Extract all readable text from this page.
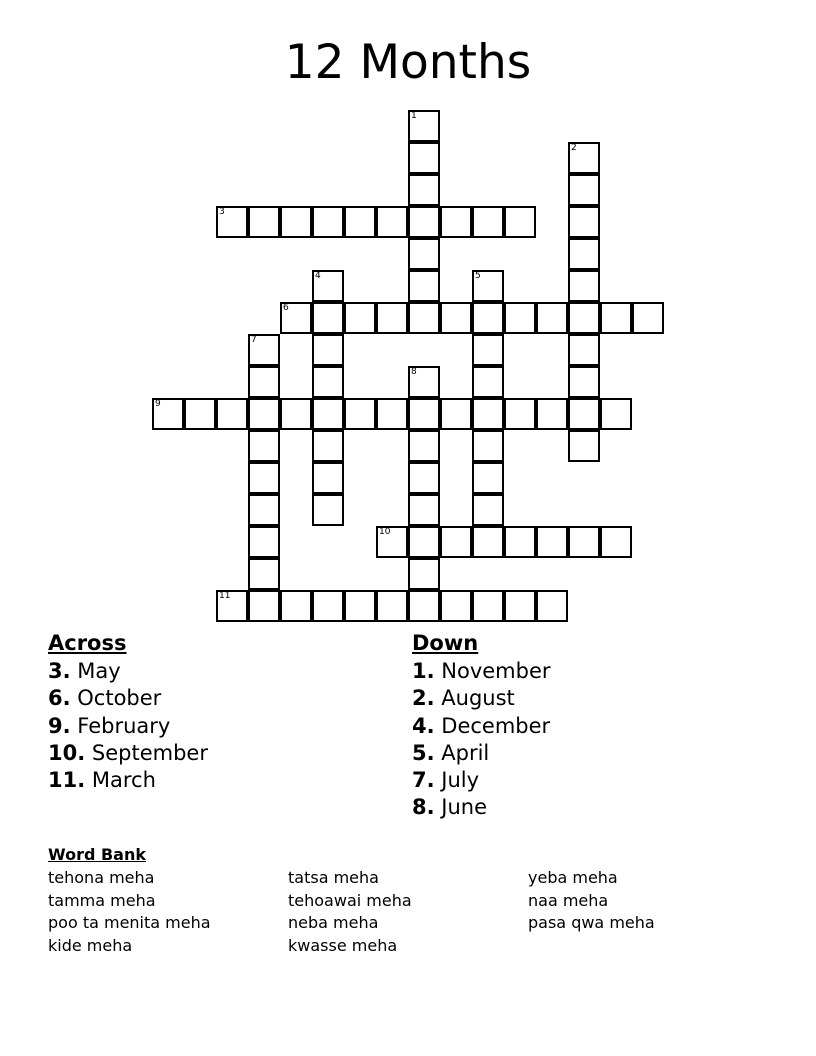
12 Months
1
2
3
4	5
6
7
8
9
10
11
Across
3. May
6. October
9. February
10. September
11. March
Down
1. November
2. August
4. December
5. April
7. July
8. June
Word Bank
tehona meha
tamma meha
poo ta menita meha
kide meha
tatsa meha
tehoawai meha
neba meha
kwasse meha
yeba meha
naa meha
pasa qwa meha
